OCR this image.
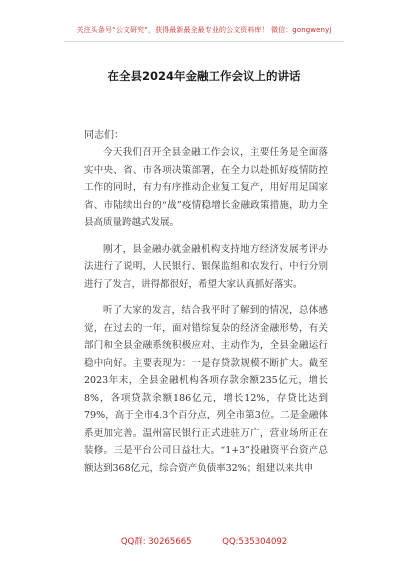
关注头条号“公文研究”，获得最新最全最专业的公文资料库！ 微信：gongwenyj
在全县2024年金融工作会议上的讲话
同志们：

今天我们召开全县金融工作会议，主要任务是全面落实中央、省、市各项决策部署，在全力以赴抓好疫情防控工作的同时，有力有序推动企业复工复产，用好用足国家省、市陆续出台的“战”疫情稳增长金融政策措施，助力全县高质量跨越式发展。

刚才，县金融办就金融机构支持地方经济发展考评办法进行了说明，人民银行、银保监组和农发行、中行分别进行了发言，讲得都很好，希望大家认真抓好落实。

听了大家的发言，结合我平时了解到的情况，总体感觉，在过去的一年，面对错综复杂的经济金融形势，有关部门和全县金融系统积极应对、主动作为，全县金融运行稳中向好。主要表现为：一是存贷款规模不断扩大。截至2023年末，全县金融机构各项存款余额235亿元，增长8%，各项贷款余额186亿元，增长12%，存贷比达到79%，高于全市4.3个百分点，列全市第3位。二是金融体系更加完善。温州富民银行正式进驻万广，营业场所正在装修。三是平台公司日益壮大。“1+3”投融资平台资产总额达到368亿元，综合资产负债率32%；组建以来共申

QQ群: 30265665	QQ:535304092
